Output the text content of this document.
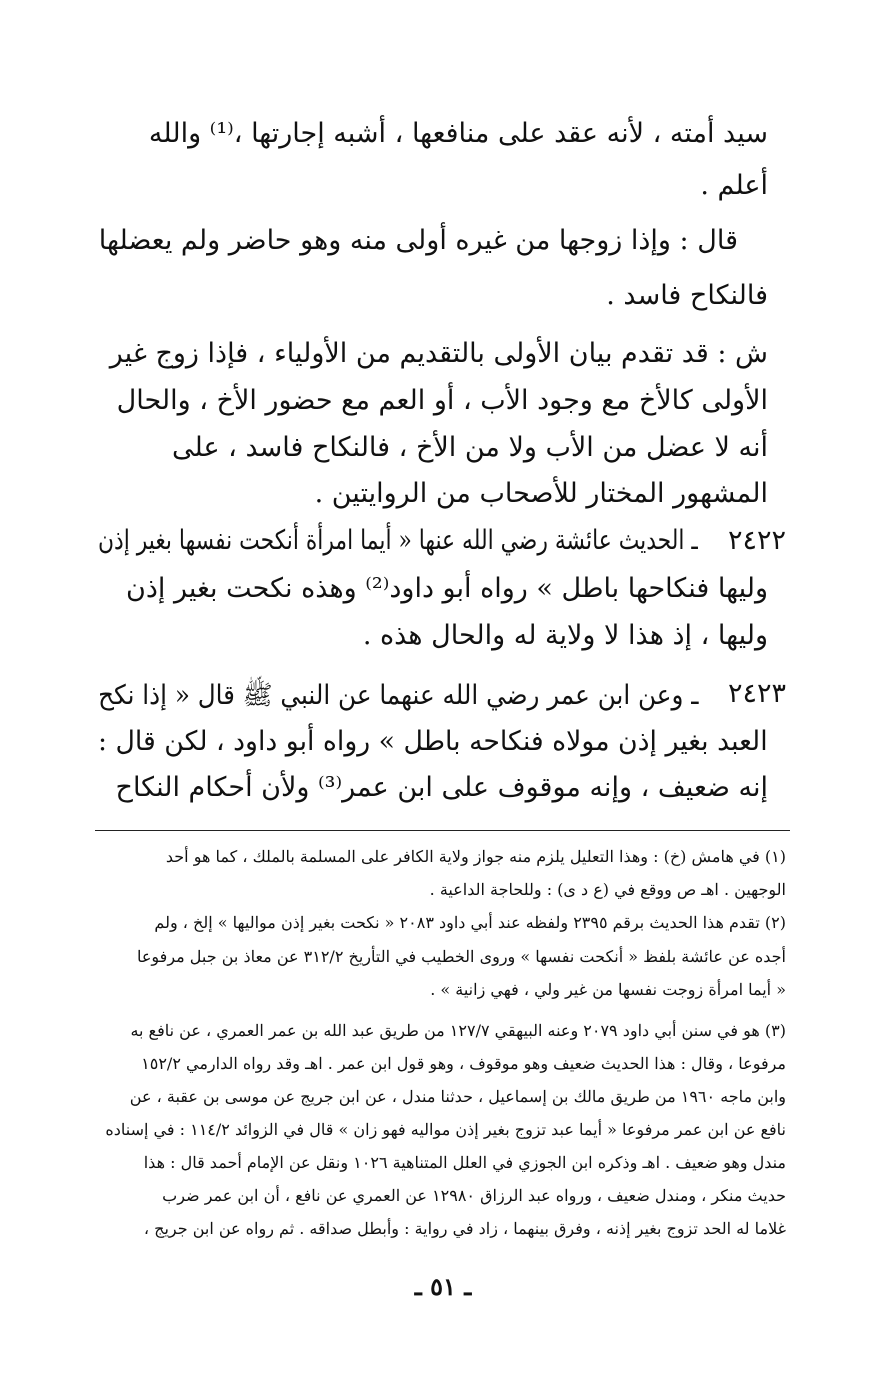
سيد أمته ، لأنه عقد على منافعها ، أشبه إجارتها ،⁽¹⁾ والله
أعلم .
قال : وإذا زوجها من غيره أولى منه وهو حاضر ولم يعضلها
فالنكاح فاسد .
ش : قد تقدم بيان الأولى بالتقديم من الأولياء ، فإذا زوج غير
الأولى كالأخ مع وجود الأب ، أو العم مع حضور الأخ ، والحال
أنه لا عضل من الأب ولا من الأخ ، فالنكاح فاسد ، على
المشهور المختار للأصحاب من الروايتين .
٢٤٢٢
ـ الحديث عائشة رضي الله عنها « أيما امرأة أنكحت نفسها بغير إذن
وليها فنكاحها باطل » رواه أبو داود⁽²⁾ وهذه نكحت بغير إذن
وليها ، إذ هذا لا ولاية له والحال هذه .
٢٤٢٣
ـ وعن ابن عمر رضي الله عنهما عن النبي ﷺ قال « إذا نكح
العبد بغير إذن مولاه فنكاحه باطل » رواه أبو داود ، لكن قال :
إنه ضعيف ، وإنه موقوف على ابن عمر⁽³⁾ ولأن أحكام النكاح
(١) في هامش (خ) : وهذا التعليل يلزم منه جواز ولاية الكافر على المسلمة بالملك ، كما هو أحد
الوجهين . اهـ ص ووقع في (ع د ى) : وللحاجة الداعية .
(٢) تقدم هذا الحديث برقم ٢٣٩٥ ولفظه عند أبي داود ٢٠٨٣ « نكحت بغير إذن مواليها » إلخ ، ولم
أجده عن عائشة بلفظ « أنكحت نفسها » وروى الخطيب في التأريخ ٣١٢/٢ عن معاذ بن جبل مرفوعا
« أيما امرأة زوجت نفسها من غير ولي ، فهي زانية » .
(٣) هو في سنن أبي داود ٢٠٧٩ وعنه البيهقي ١٢٧/٧ من طريق عبد الله بن عمر العمري ، عن نافع به
مرفوعا ، وقال : هذا الحديث ضعيف وهو موقوف ، وهو قول ابن عمر . اهـ وقد رواه الدارمي ١٥٢/٢
وابن ماجه ١٩٦٠ من طريق مالك بن إسماعيل ، حدثنا مندل ، عن ابن جريج عن موسى بن عقبة ، عن
نافع عن ابن عمر مرفوعا « أيما عبد تزوج بغير إذن مواليه فهو زان » قال في الزوائد ١١٤/٢ : في إسناده
مندل وهو ضعيف . اهـ وذكره ابن الجوزي في العلل المتناهية ١٠٢٦ ونقل عن الإمام أحمد قال : هذا
حديث منكر ، ومندل ضعيف ، ورواه عبد الرزاق ١٢٩٨٠ عن العمري عن نافع ، أن ابن عمر ضرب
غلاما له الحد تزوج بغير إذنه ، وفرق بينهما ، زاد في رواية : وأبطل صداقه . ثم رواه عن ابن جريج ،
ـ ٥١ ـ
